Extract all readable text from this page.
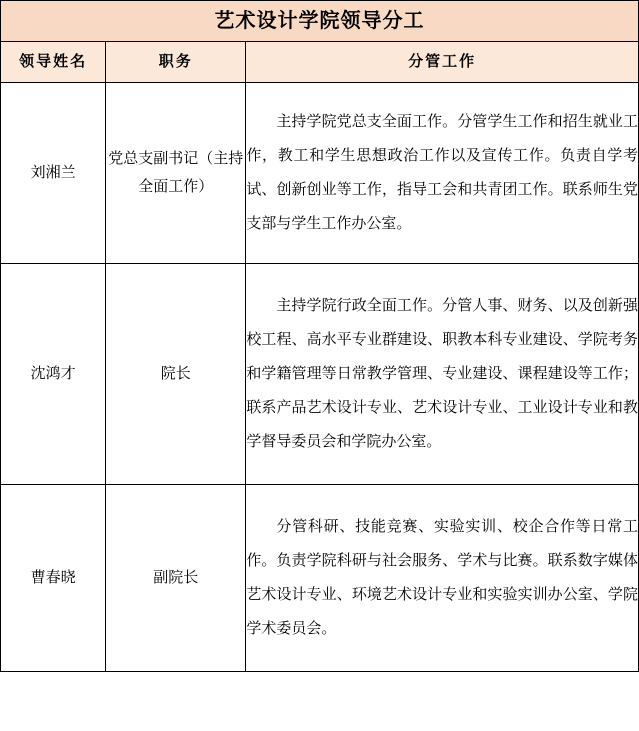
艺术设计学院领导分工		
领导姓名	职务	分管工作
刘湘兰	党总支副书记（主持全面工作）	主持学院党总支全面工作。分管学生工作和招生就业工作，教工和学生思想政治工作以及宣传工作。负责自学考试、创新创业等工作，指导工会和共青团工作。联系师生党支部与学生工作办公室。
沈鸿才	院长	主持学院行政全面工作。分管人事、财务、以及创新强校工程、高水平专业群建设、职教本科专业建设、学院考务和学籍管理等日常教学管理、专业建设、课程建设等工作；联系产品艺术设计专业、艺术设计专业、工业设计专业和教学督导委员会和学院办公室。
曹春晓	副院长	分管科研、技能竞赛、实验实训、校企合作等日常工作。负责学院科研与社会服务、学术与比赛。联系数字媒体艺术设计专业、环境艺术设计专业和实验实训办公室、学院学术委员会。
